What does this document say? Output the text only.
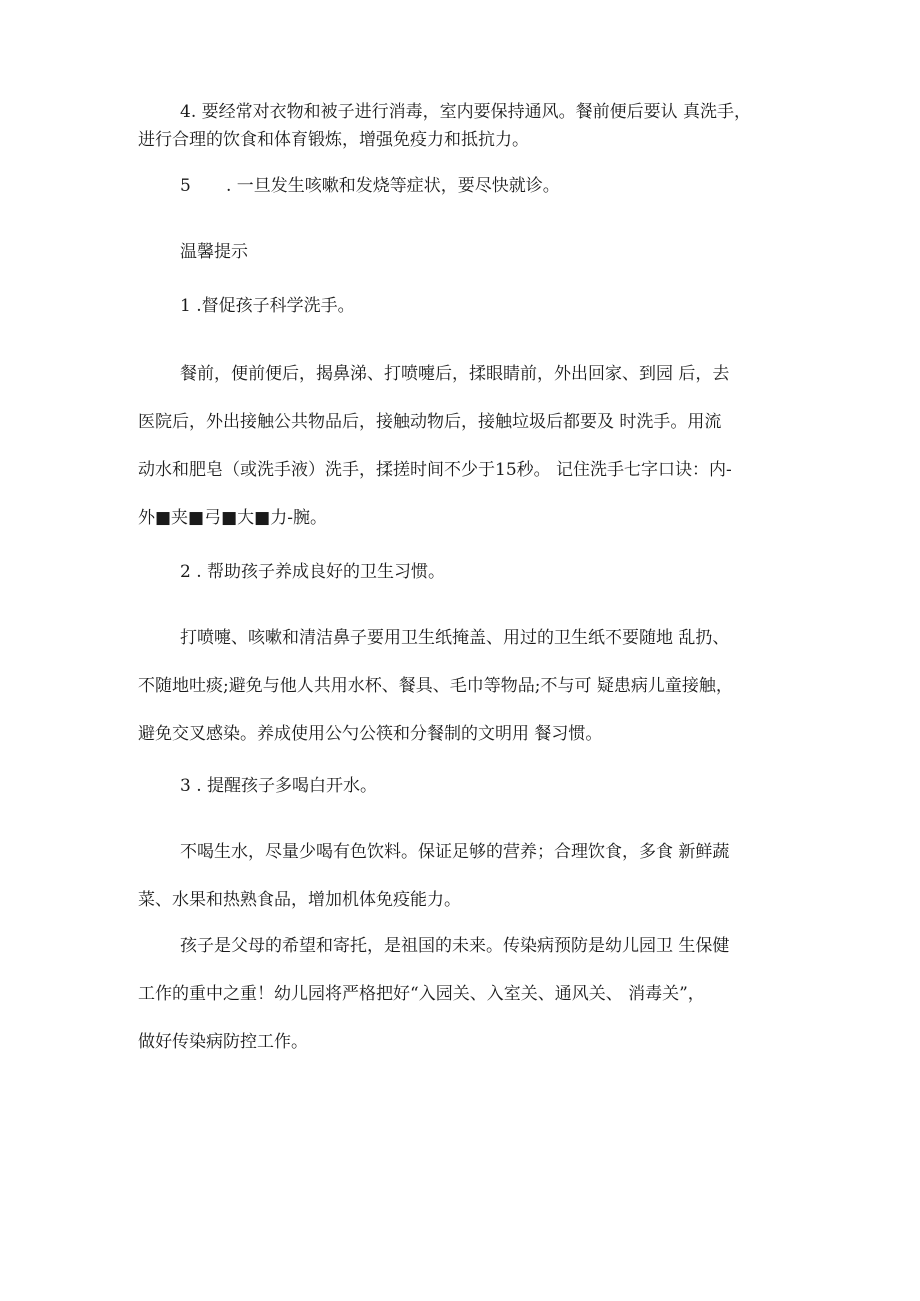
4. 要经常对衣物和被子进行消毒，室内要保持通风。餐前便后要认 真洗手，
进行合理的饮食和体育锻炼，增强免疫力和抵抗力。
5 . 一旦发生咳嗽和发烧等症状，要尽快就诊。
温馨提示
1 .督促孩子科学洗手。
餐前，便前便后，揭鼻涕、打喷嚏后，揉眼睛前，外出回家、到园 后，去
医院后，外出接触公共物品后，接触动物后，接触垃圾后都要及 时洗手。用流
动水和肥皂（或洗手液）洗手，揉搓时间不少于15秒。 记住洗手七字口诀：内-
外■夹■弓■大■力-腕。
2 . 帮助孩子养成良好的卫生习惯。
打喷嚏、咳嗽和清洁鼻子要用卫生纸掩盖、用过的卫生纸不要随地 乱扔、
不随地吐痰;避免与他人共用水杯、餐具、毛巾等物品;不与可 疑患病儿童接触，
避免交叉感染。养成使用公勺公筷和分餐制的文明用 餐习惯。
3 . 提醒孩子多喝白开水。
不喝生水，尽量少喝有色饮料。保证足够的营养；合理饮食，多食 新鲜蔬
菜、水果和热熟食品，增加机体免疫能力。
孩子是父母的希望和寄托，是祖国的未来。传染病预防是幼儿园卫 生保健
工作的重中之重！幼儿园将严格把好“入园关、入室关、通风关、 消毒关”，
做好传染病防控工作。
